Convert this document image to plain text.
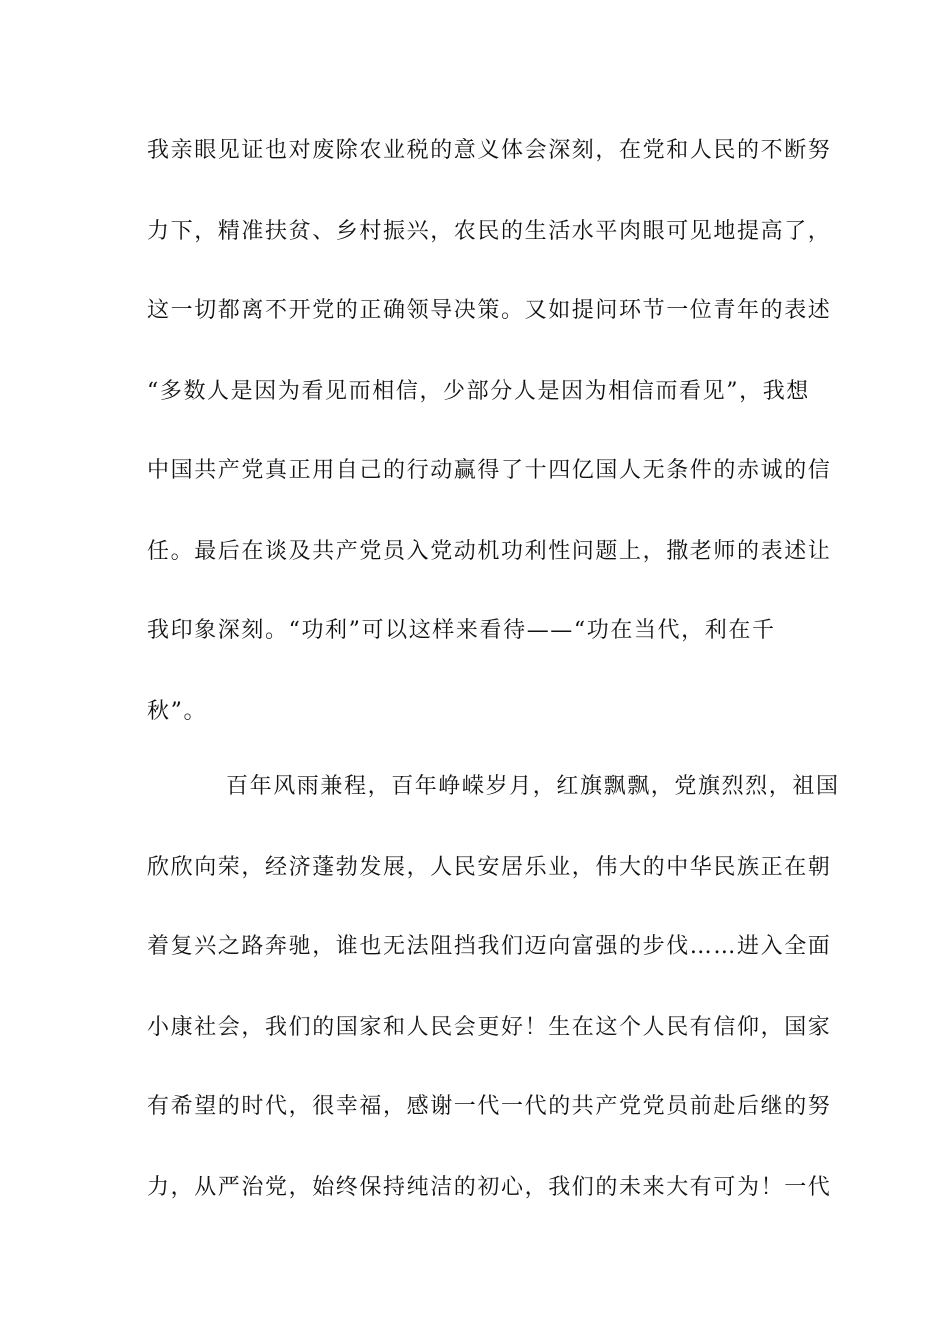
我亲眼见证也对废除农业税的意义体会深刻，在党和人民的不断努

力下，精准扶贫、乡村振兴，农民的生活水平肉眼可见地提高了，

这一切都离不开党的正确领导决策。又如提问环节一位青年的表述

“多数人是因为看见而相信，少部分人是因为相信而看见”，我想

中国共产党真正用自己的行动赢得了十四亿国人无条件的赤诚的信

任。最后在谈及共产党员入党动机功利性问题上，撒老师的表述让

我印象深刻。“功利”可以这样来看待——“功在当代，利在千

秋”。

百年风雨兼程，百年峥嵘岁月，红旗飘飘，党旗烈烈，祖国

欣欣向荣，经济蓬勃发展，人民安居乐业，伟大的中华民族正在朝

着复兴之路奔驰，谁也无法阻挡我们迈向富强的步伐……进入全面

小康社会，我们的国家和人民会更好！生在这个人民有信仰，国家

有希望的时代，很幸福，感谢一代一代的共产党党员前赴后继的努

力，从严治党，始终保持纯洁的初心，我们的未来大有可为！一代
